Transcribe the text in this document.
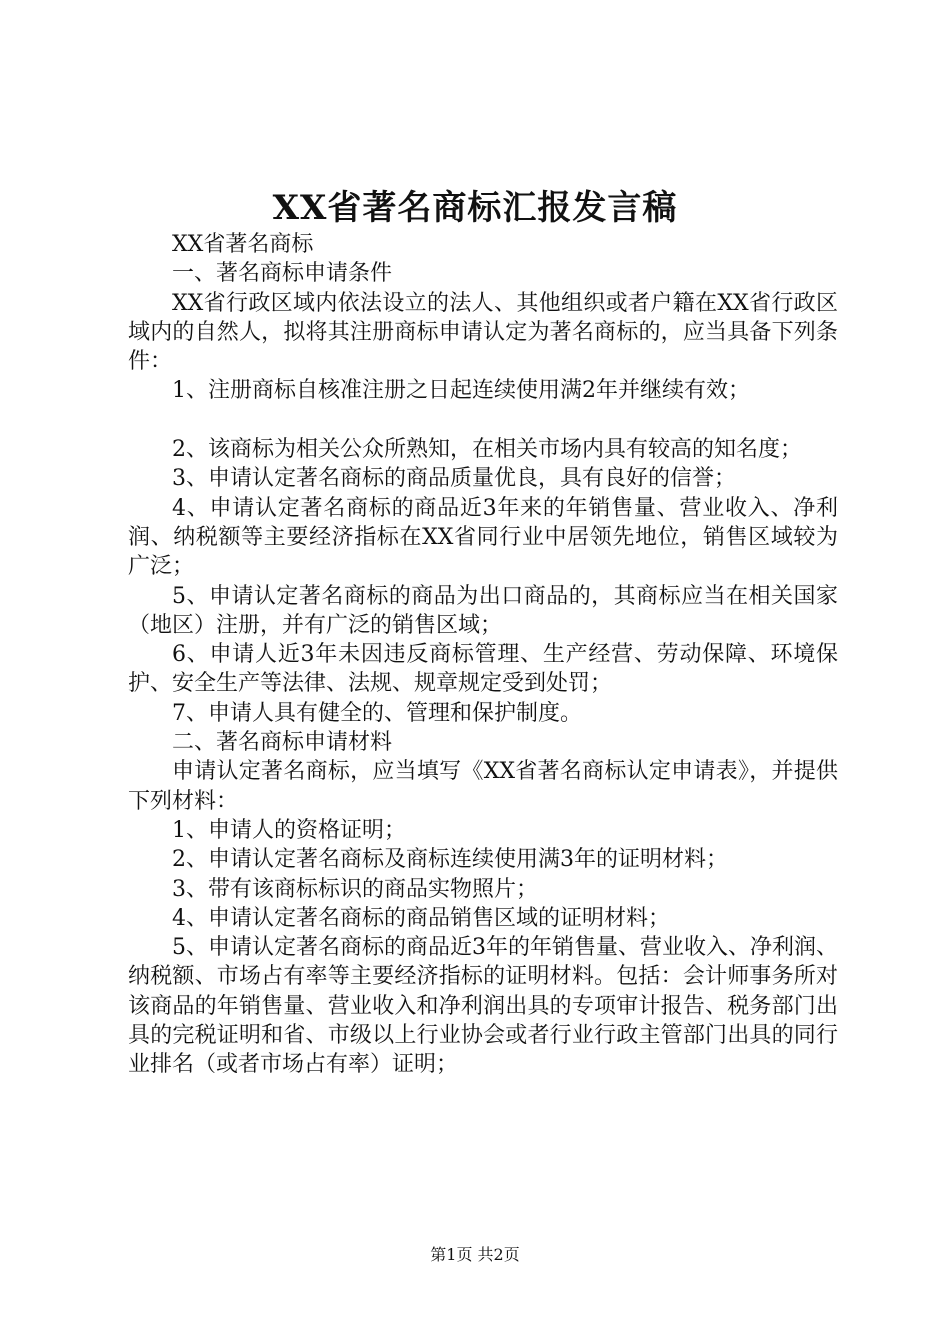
XX省著名商标汇报发言稿

XX省著名商标

一、著名商标申请条件

XX省行政区域内依法设立的法人、其他组织或者户籍在XX省行政区域内的自然人，拟将其注册商标申请认定为著名商标的，应当具备下列条件：

1、注册商标自核准注册之日起连续使用满2年并继续有效；

2、该商标为相关公众所熟知，在相关市场内具有较高的知名度；

3、申请认定著名商标的商品质量优良，具有良好的信誉；

4、申请认定著名商标的商品近3年来的年销售量、营业收入、净利润、纳税额等主要经济指标在XX省同行业中居领先地位，销售区域较为广泛；

5、申请认定著名商标的商品为出口商品的，其商标应当在相关国家（地区）注册，并有广泛的销售区域；

6、申请人近3年未因违反商标管理、生产经营、劳动保障、环境保护、安全生产等法律、法规、规章规定受到处罚；

7、申请人具有健全的、管理和保护制度。

二、著名商标申请材料

申请认定著名商标，应当填写《XX省著名商标认定申请表》，并提供下列材料：

1、申请人的资格证明；

2、申请认定著名商标及商标连续使用满3年的证明材料；

3、带有该商标标识的商品实物照片；

4、申请认定著名商标的商品销售区域的证明材料；

5、申请认定著名商标的商品近3年的年销售量、营业收入、净利润、纳税额、市场占有率等主要经济指标的证明材料。包括：会计师事务所对该商品的年销售量、营业收入和净利润出具的专项审计报告、税务部门出具的完税证明和省、市级以上行业协会或者行业行政主管部门出具的同行业排名（或者市场占有率）证明；

第1页 共2页
